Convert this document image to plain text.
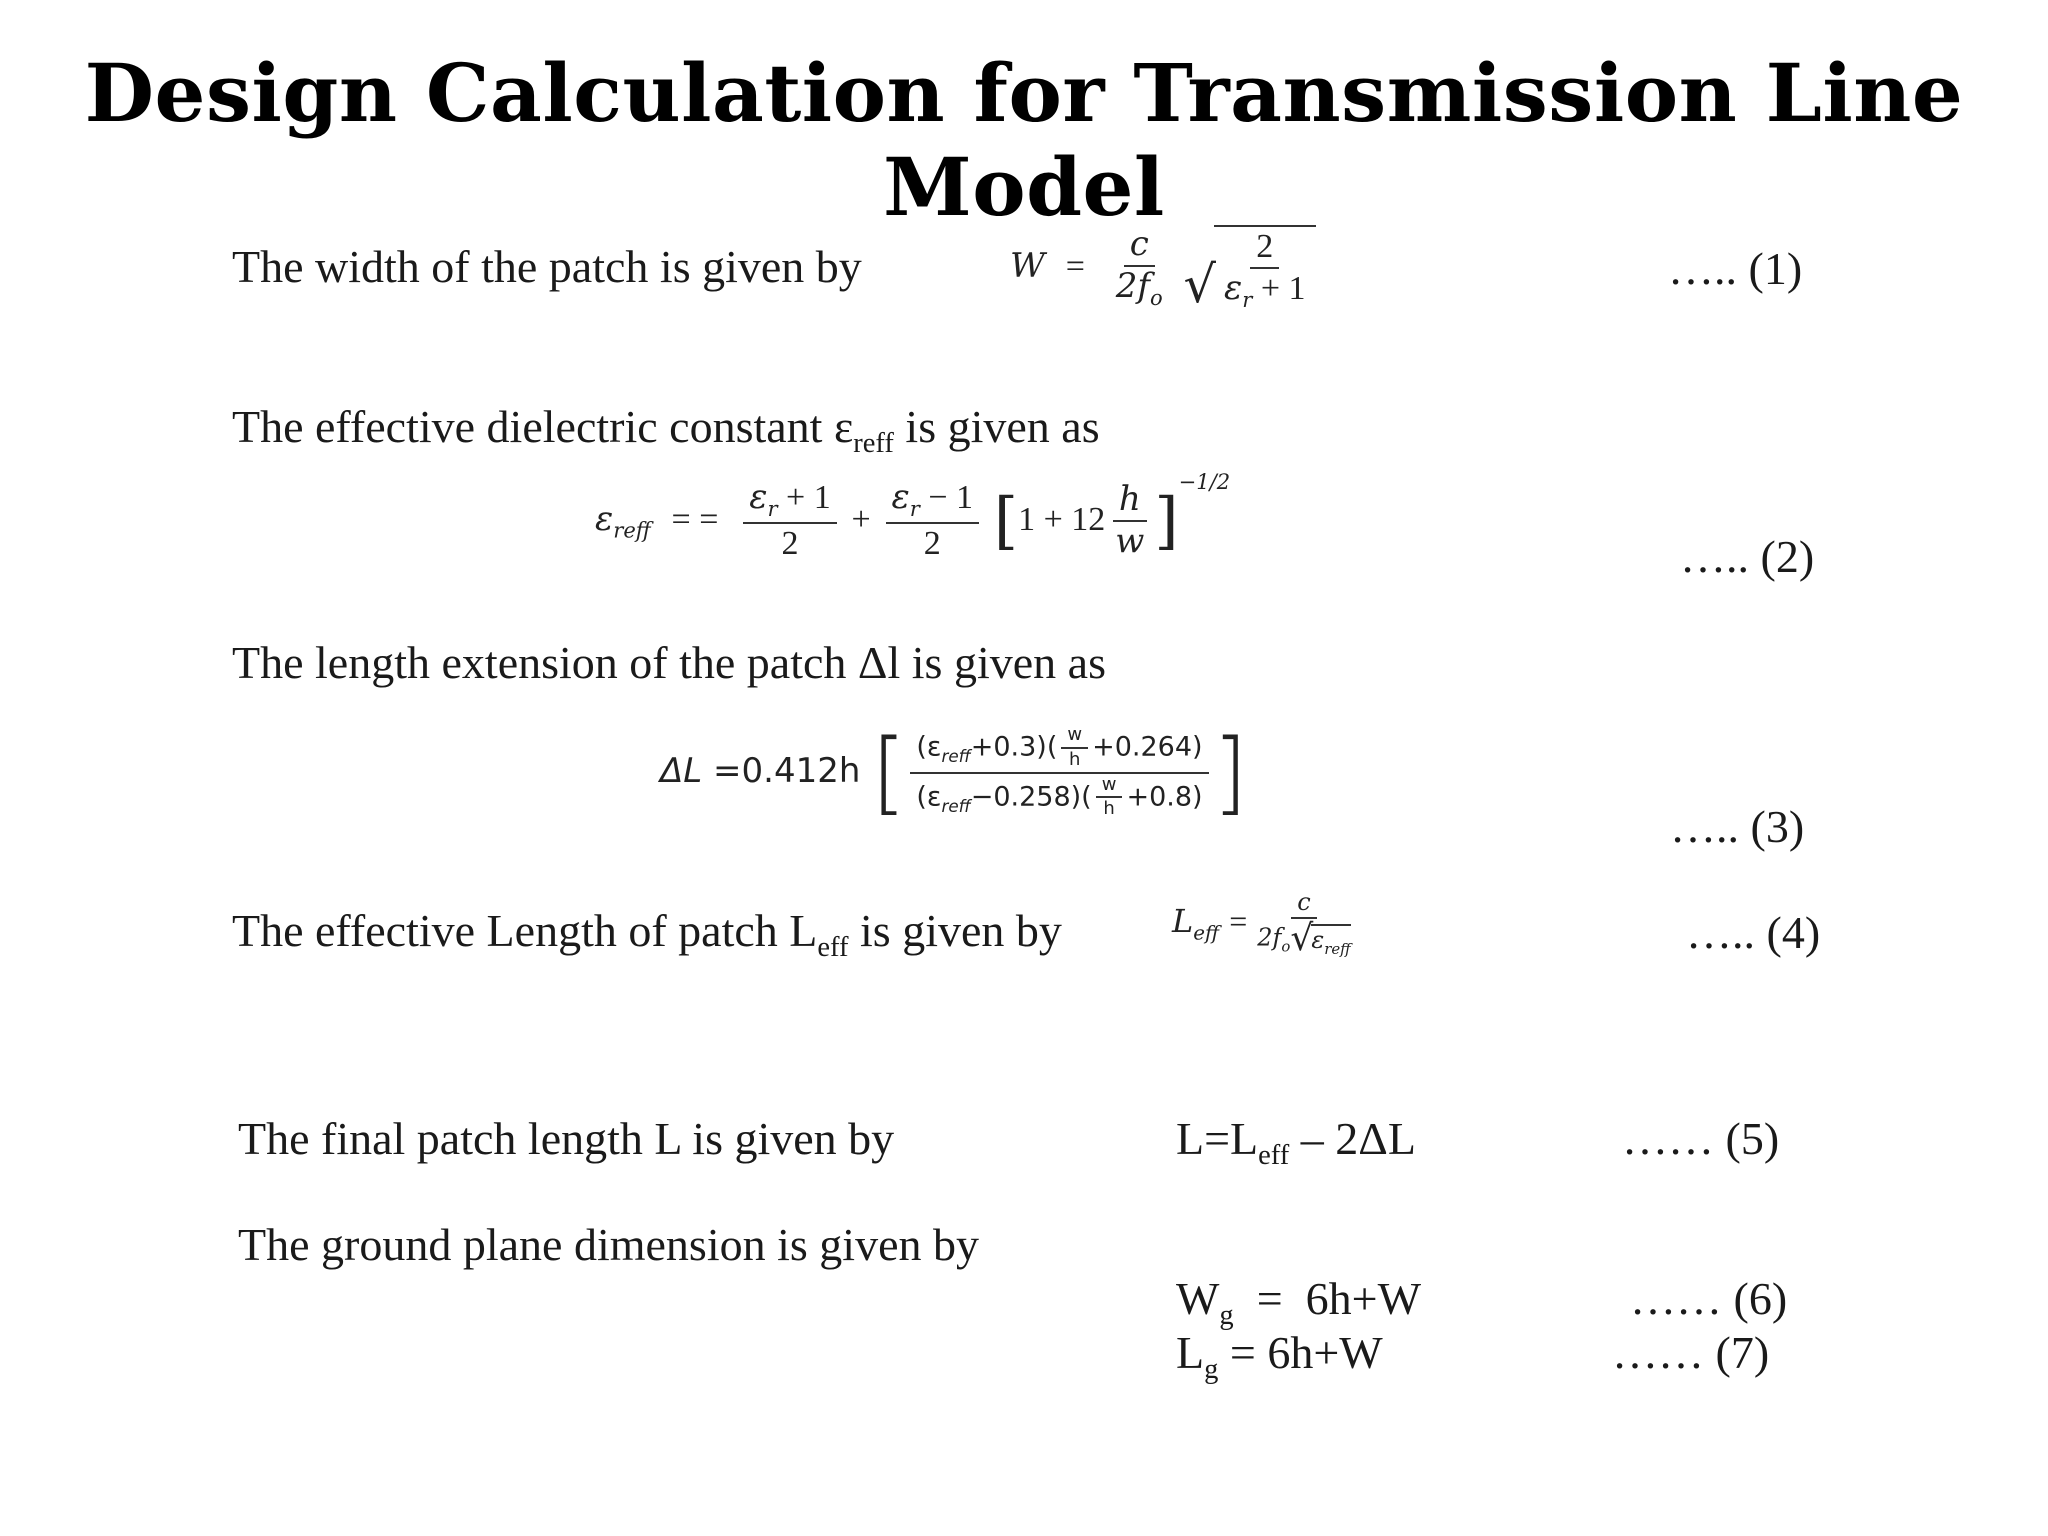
Design Calculation for Transmission Line Model
The width of the patch is given by	$W = \frac{c}{2f_o}$
√ $\frac{2}{\varepsilon_r + 1}$	….. (1)
The effective dielectric constant $\varepsilon_{reff}$ is given as
$\varepsilon_{reff}$ = = $\frac{\varepsilon_r + 1}{2} + \frac{\varepsilon_r - 1}{2} [1 + 12 \frac{h}{w} ]^{-1/2}$
….. (2)
The length extension of the patch Δl is given as
ΔL =0.412h [ $\frac{(\varepsilon_{reff}+0.3)( \frac{w}{h} +0.264)}{(\varepsilon_{reff}-0.258)( \frac{w}{h} +0.8)}$ ]
….. (3)
The effective Length of patch $L_{eff}$ is given by	$L_{eff} = c$
$2f_o$ √
$\varepsilon_{reff}$	….. (4)
The final patch length L is given by	$L=L_{eff} - 2\Delta L$	…… (5)
The ground plane dimension is given by
$W_g = 6h+W$	…… (6)
$L_g = 6h+W$	…… (7)
